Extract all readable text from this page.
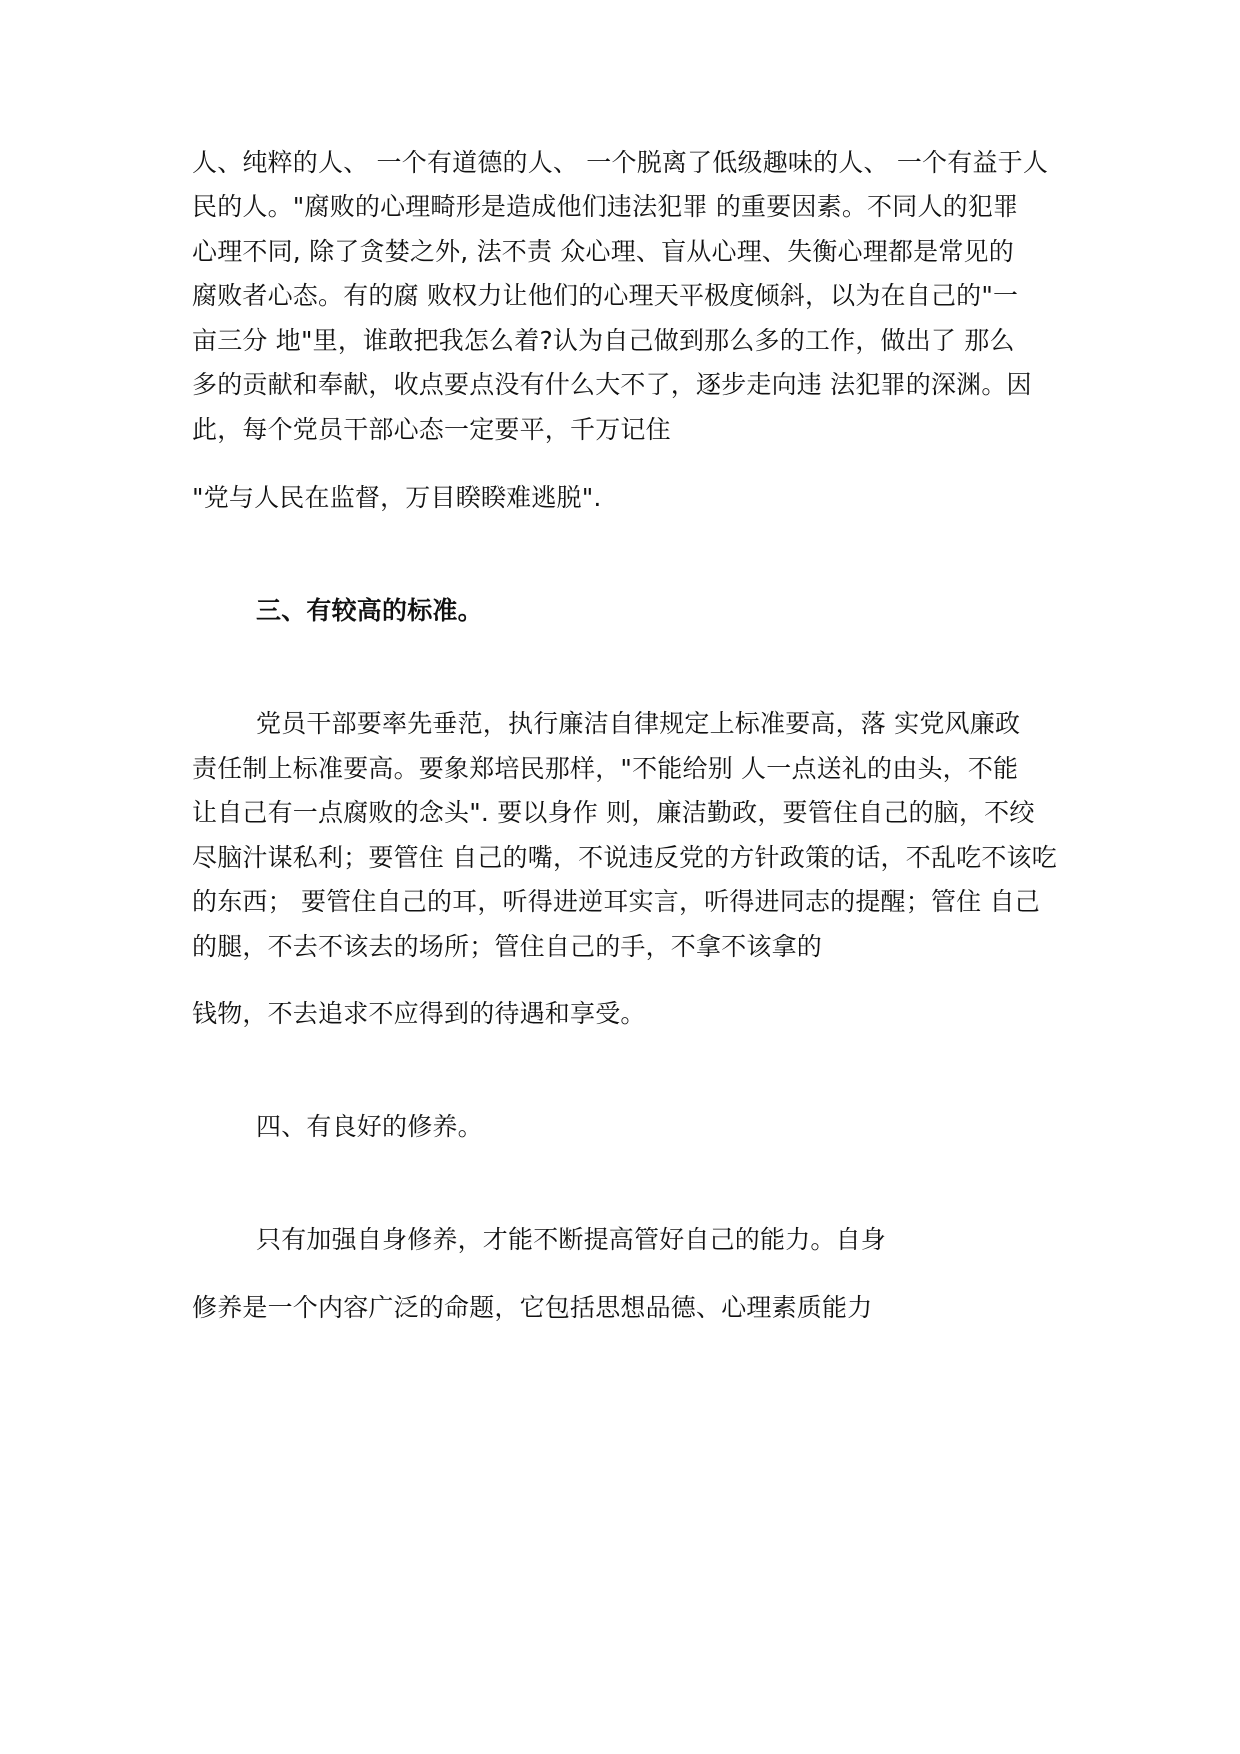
人、纯粹的人、 一个有道德的人、 一个脱离了低级趣味的人、 一个有益于人
民的人。"腐败的心理畸形是造成他们违法犯罪 的重要因素。不同人的犯罪
心理不同, 除了贪婪之外, 法不责 众心理、盲从心理、失衡心理都是常见的
腐败者心态。有的腐 败权力让他们的心理天平极度倾斜，以为在自己的"一
亩三分 地"里，谁敢把我怎么着?认为自己做到那么多的工作，做出了 那么
多的贡献和奉献，收点要点没有什么大不了，逐步走向违 法犯罪的深渊。因
此，每个党员干部心态一定要平，千万记住
"党与人民在监督，万目睽睽难逃脱".
三、有较高的标准。
党员干部要率先垂范，执行廉洁自律规定上标准要高，落 实党风廉政
责任制上标准要高。要象郑培民那样，"不能给别 人一点送礼的由头，不能
让自己有一点腐败的念头". 要以身作 则，廉洁勤政，要管住自己的脑，不绞
尽脑汁谋私利；要管住 自己的嘴，不说违反党的方针政策的话，不乱吃不该吃
的东西； 要管住自己的耳，听得进逆耳实言，听得进同志的提醒；管住 自己
的腿，不去不该去的场所；管住自己的手，不拿不该拿的
钱物，不去追求不应得到的待遇和享受。
四、有良好的修养。
只有加强自身修养，才能不断提高管好自己的能力。自身
修养是一个内容广泛的命题，它包括思想品德、心理素质能力
